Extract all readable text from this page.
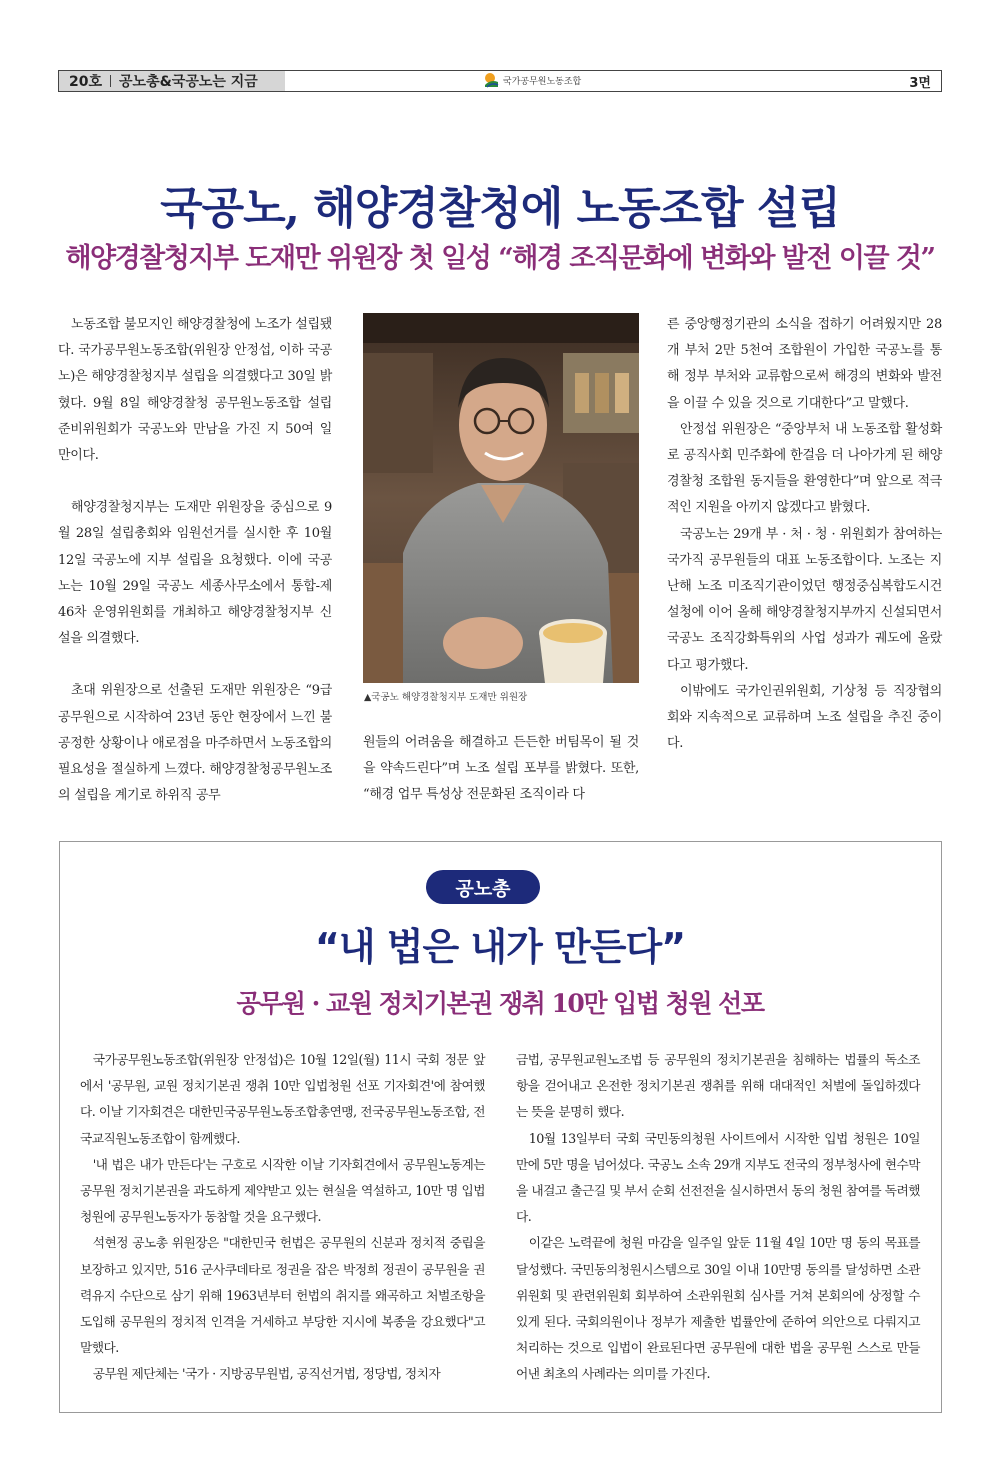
20호 공노총&국공노는 지금	국가공무원노동조합	3면
국공노, 해양경찰청에 노동조합 설립
해양경찰청지부 도재만 위원장 첫 일성 “해경 조직문화에 변화와 발전 이끌 것”

노동조합 불모지인 해양경찰청에 노조가 설립됐다. 국가공무원노동조합(위원장 안정섭, 이하 국공노)은 해양경찰청지부 설립을 의결했다고 30일 밝혔다. 9월 8일 해양경찰청 공무원노동조합 설립 준비위원회가 국공노와 만남을 가진 지 50여 일 만이다.

해양경찰청지부는 도재만 위원장을 중심으로 9월 28일 설립총회와 임원선거를 실시한 후 10월 12일 국공노에 지부 설립을 요청했다. 이에 국공노는 10월 29일 국공노 세종사무소에서 통합-제46차 운영위원회를 개최하고 해양경찰청지부 신설을 의결했다.

초대 위원장으로 선출된 도재만 위원장은 “9급 공무원으로 시작하여 23년 동안 현장에서 느낀 불공정한 상황이나 애로점을 마주하면서 노동조합의 필요성을 절실하게 느꼈다. 해양경찰청공무원노조의 설립을 계기로 하위직 공무

▲국공노 해양경찰청지부 도재만 위원장

원들의 어려움을 해결하고 든든한 버팀목이 될 것을 약속드린다”며 노조 설립 포부를 밝혔다. 또한, “해경 업무 특성상 전문화된 조직이라 다

른 중앙행정기관의 소식을 접하기 어려웠지만 28개 부처 2만 5천여 조합원이 가입한 국공노를 통해 정부 부처와 교류함으로써 해경의 변화와 발전을 이끌 수 있을 것으로 기대한다”고 말했다.

안정섭 위원장은 “중앙부처 내 노동조합 활성화로 공직사회 민주화에 한걸음 더 나아가게 된 해양경찰청 조합원 동지들을 환영한다”며 앞으로 적극적인 지원을 아끼지 않겠다고 밝혔다.

국공노는 29개 부 · 처 · 청 · 위원회가 참여하는 국가직 공무원들의 대표 노동조합이다. 노조는 지난해 노조 미조직기관이었던 행정중심복합도시건설청에 이어 올해 해양경찰청지부까지 신설되면서 국공노 조직강화특위의 사업 성과가 궤도에 올랐다고 평가했다.

이밖에도 국가인권위원회, 기상청 등 직장협의회와 지속적으로 교류하며 노조 설립을 추진 중이다.

공노총
“내 법은 내가 만든다”
공무원 · 교원 정치기본권 쟁취 10만 입법 청원 선포

국가공무원노동조합(위원장 안정섭)은 10월 12일(월) 11시 국회 정문 앞에서 '공무원, 교원 정치기본권 쟁취 10만 입법청원 선포 기자회견'에 참여했다. 이날 기자회견은 대한민국공무원노동조합총연맹, 전국공무원노동조합, 전국교직원노동조합이 함께했다.

'내 법은 내가 만든다'는 구호로 시작한 이날 기자회견에서 공무원노동계는 공무원 정치기본권을 과도하게 제약받고 있는 현실을 역설하고, 10만 명 입법청원에 공무원노동자가 동참할 것을 요구했다.

석현정 공노총 위원장은 "대한민국 헌법은 공무원의 신분과 정치적 중립을 보장하고 있지만, 516 군사쿠데타로 정권을 잡은 박정희 정권이 공무원을 권력유지 수단으로 삼기 위해 1963년부터 헌법의 취지를 왜곡하고 처벌조항을 도입해 공무원의 정치적 인격을 거세하고 부당한 지시에 복종을 강요했다"고 말했다.

공무원 제단체는 '국가 · 지방공무원법, 공직선거법, 정당법, 정치자

금법, 공무원교원노조법 등 공무원의 정치기본권을 침해하는 법률의 독소조항을 걷어내고 온전한 정치기본권 쟁취를 위해 대대적인 처벌에 돌입하겠다는 뜻을 분명히 했다.

10월 13일부터 국회 국민동의청원 사이트에서 시작한 입법 청원은 10일 만에 5만 명을 넘어섰다. 국공노 소속 29개 지부도 전국의 정부청사에 현수막을 내걸고 출근길 및 부서 순회 선전전을 실시하면서 동의 청원 참여를 독려했다.

이같은 노력끝에 청원 마감을 일주일 앞둔 11월 4일 10만 명 동의 목표를 달성했다. 국민동의청원시스템으로 30일 이내 10만명 동의를 달성하면 소관위원회 및 관련위원회 회부하여 소관위원회 심사를 거쳐 본회의에 상정할 수 있게 된다. 국회의원이나 정부가 제출한 법률안에 준하여 의안으로 다뤄지고 처리하는 것으로 입법이 완료된다면 공무원에 대한 법을 공무원 스스로 만들어낸 최초의 사례라는 의미를 가진다.
